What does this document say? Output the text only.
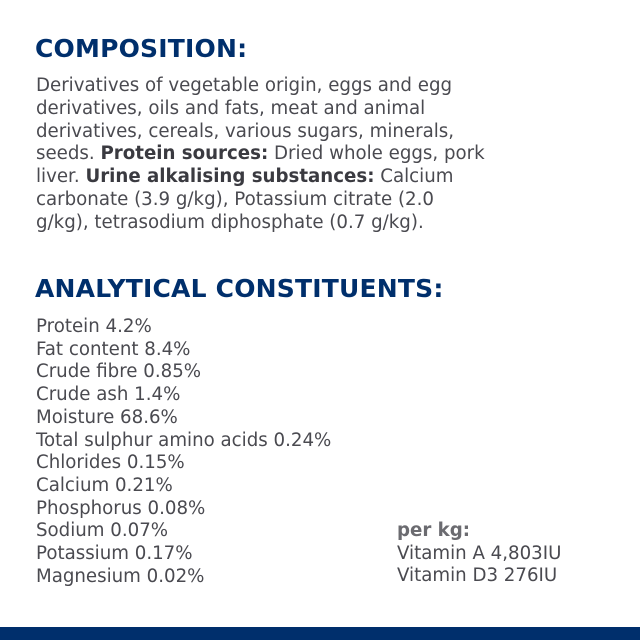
COMPOSITION:

Derivatives of vegetable origin, eggs and egg
derivatives, oils and fats, meat and animal
derivatives, cereals, various sugars, minerals,
seeds. Protein sources: Dried whole eggs, pork
liver. Urine alkalising substances: Calcium
carbonate (3.9 g/kg), Potassium citrate (2.0
g/kg), tetrasodium diphosphate (0.7 g/kg).

ANALYTICAL CONSTITUENTS:
Protein 4.2%
Fat content 8.4%
Crude fibre 0.85%
Crude ash 1.4%
Moisture 68.6%
Total sulphur amino acids 0.24%
Chlorides 0.15%
Calcium 0.21%
Phosphorus 0.08%
Sodium 0.07%
Potassium 0.17%
Magnesium 0.02%
per kg:
Vitamin A 4,803IU
Vitamin D3 276IU
